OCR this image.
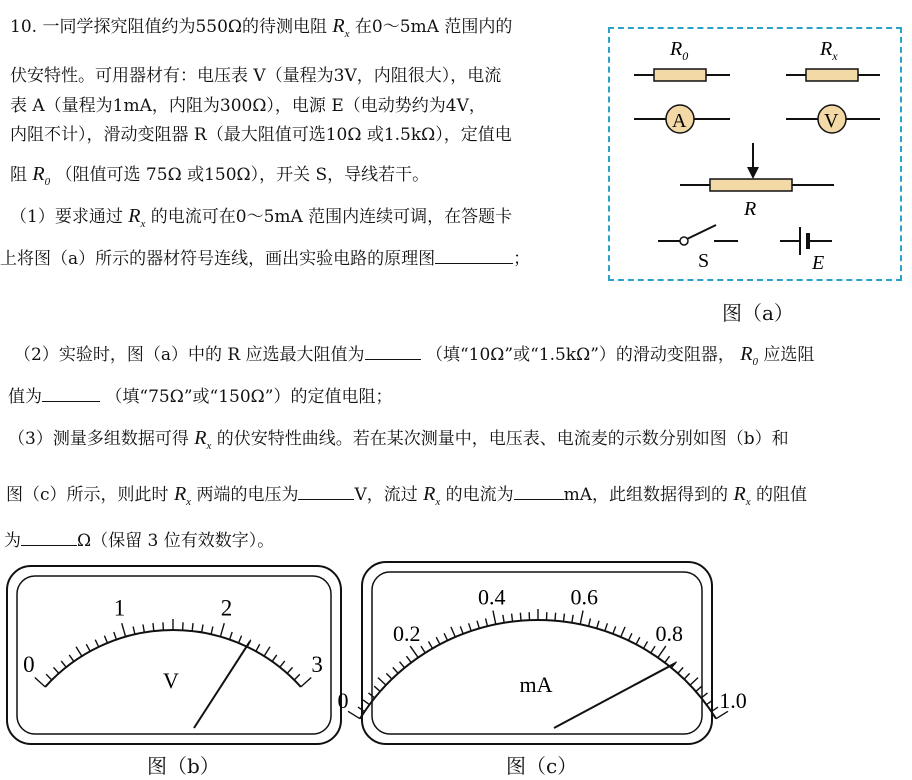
10. 一同学探究阻值约为550Ω的待测电阻 $R_x$ 在0～5mA 范围内的
伏安特性。可用器材有：电压表 V（量程为3V，内阻很大），电流
表 A（量程为1mA，内阻为300Ω），电源 E（电动势约为4V，
内阻不计），滑动变阻器 R（最大阻值可选10Ω 或1.5kΩ），定值电
阻 $R_0$ （阻值可选 75Ω 或150Ω），开关 S，导线若干。
（1）要求通过 $R_x$ 的电流可在0～5mA 范围内连续可调，在答题卡
上将图（a）所示的器材符号连线，画出实验电路的原理图	；
（2）实验时，图（a）中的 R 应选最大阻值为	（填“10Ω”或“1.5kΩ”）的滑动变阻器， $R_0$ 应选阻
值为	（填“75Ω”或“150Ω”）的定值电阻；
（3）测量多组数据可得 $R_x$ 的伏安特性曲线。若在某次测量中，电压表、电流麦的示数分别如图（b）和
图（c）所示，则此时 $R_x$ 两端的电压为	V，流过 $R_x$ 的电流为	mA，此组数据得到的 $R_x$ 的阻值
为	Ω（保留 3 位有效数字）。
$R_0$	$R_x$
A	V
R
S	E
图（a）
0
1	2
3
V
图（b）
0
0.2
0.4	0.6
0.8
1.0
mA
图（c）
